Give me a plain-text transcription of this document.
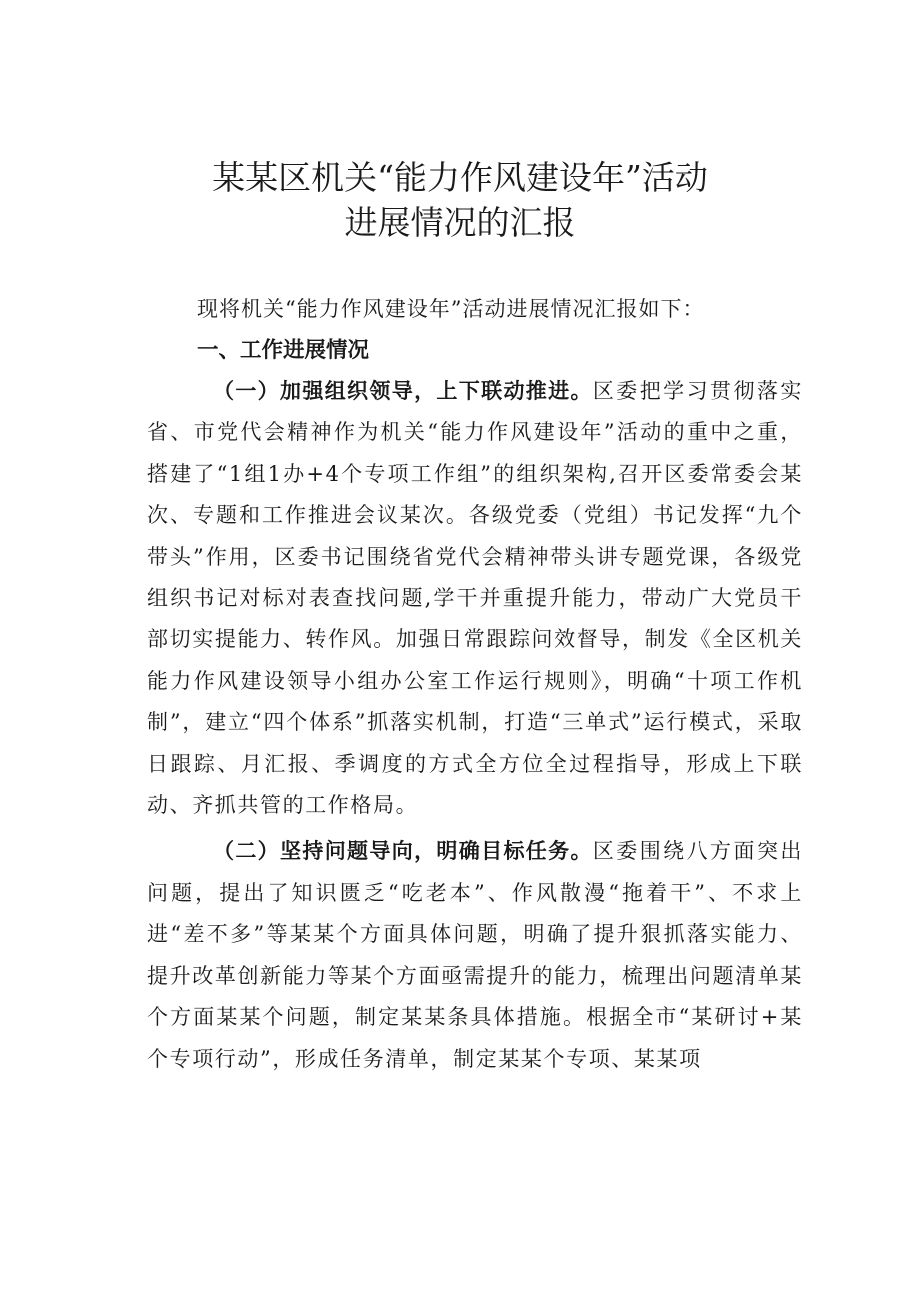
某某区机关“能力作风建设年”活动
进展情况的汇报

现将机关“能力作风建设年”活动进展情况汇报如下：

一、工作进展情况

（一）加强组织领导，上下联动推进。区委把学习贯彻落实省、市党代会精神作为机关“能力作风建设年”活动的重中之重，搭建了“1组1办+4个专项工作组”的组织架构,召开区委常委会某次、专题和工作推进会议某次。各级党委（党组）书记发挥“九个带头”作用，区委书记围绕省党代会精神带头讲专题党课，各级党组织书记对标对表查找问题,学干并重提升能力，带动广大党员干部切实提能力、转作风。加强日常跟踪问效督导，制发《全区机关能力作风建设领导小组办公室工作运行规则》，明确“十项工作机制”，建立“四个体系”抓落实机制，打造“三单式”运行模式，采取日跟踪、月汇报、季调度的方式全方位全过程指导，形成上下联动、齐抓共管的工作格局。

（二）坚持问题导向，明确目标任务。区委围绕八方面突出问题，提出了知识匮乏“吃老本”、作风散漫“拖着干”、不求上进“差不多”等某某个方面具体问题，明确了提升狠抓落实能力、提升改革创新能力等某个方面亟需提升的能力，梳理出问题清单某个方面某某个问题，制定某某条具体措施。根据全市“某研讨+某个专项行动”，形成任务清单，制定某某个专项、某某项
